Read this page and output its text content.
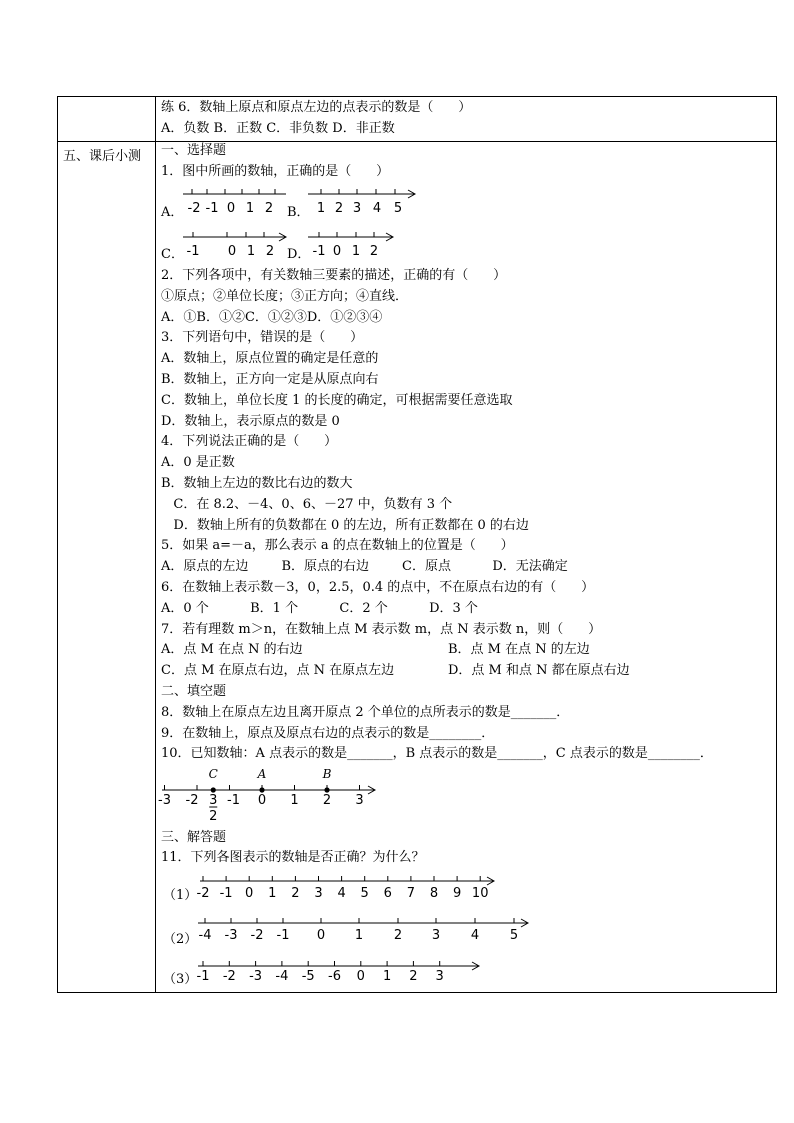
五、课后小测
练 6．数轴上原点和原点左边的点表示的数是（      ）
A．负数 B．正数 C．非负数 D．非正数
一、选择题
1．图中所画的数轴，正确的是（      ）
A． -2 -1 0 1 2 B． 1 2 3 4 5
C． -1 0 1 2 D． -1 0 1 2
2．下列各项中，有关数轴三要素的描述，正确的有（      ）
①原点；②单位长度；③正方向；④直线．
A．①B．①②C．①②③D．①②③④
3．下列语句中，错误的是（      ）
A．数轴上，原点位置的确定是任意的
B．数轴上，正方向一定是从原点向右
C．数轴上，单位长度 1 的长度的确定，可根据需要任意选取
D．数轴上，表示原点的数是 0
4．下列说法正确的是（      ）
A．0 是正数
B．数轴上左边的数比右边的数大
C．在 8.2、－4、0、6、－27 中，负数有 3 个
D．数轴上所有的负数都在 0 的左边，所有正数都在 0 的右边
5．如果 a=－a，那么表示 a 的点在数轴上的位置是（      ）
A．原点的左边        B．原点的右边        C．原点          D．无法确定
6．在数轴上表示数－3，0，2.5，0.4 的点中，不在原点右边的有（      ）
A．0 个          B．1 个          C．2 个          D．3 个
7．若有理数 m＞n，在数轴上点 M 表示数 m，点 N 表示数 n，则（      ）
A．点 M 在点 N 的右边	B．点 M 在点 N 的左边
C．点 M 在原点右边，点 N 在原点左边	D．点 M 和点 N 都在原点右边
二、填空题
8．数轴上在原点左边且离开原点 2 个单位的点所表示的数是_______．
9．在数轴上，原点及原点右边的点表示的数是________．
10．已知数轴：A 点表示的数是_______，B 点表示的数是_______，C 点表示的数是________．
-3 -2 -1 0 1 2 3
3
2
C	A	B
三、解答题
11．下列各图表示的数轴是否正确？为什么？
（1） -2 -1 0 1 2 3 4 5 6 7 8 9 10
（2） -4 -3 -2 -1 0 1 2 3 4 5
（3） -1 -2 -3 -4 -5 -6 0 1 2 3
